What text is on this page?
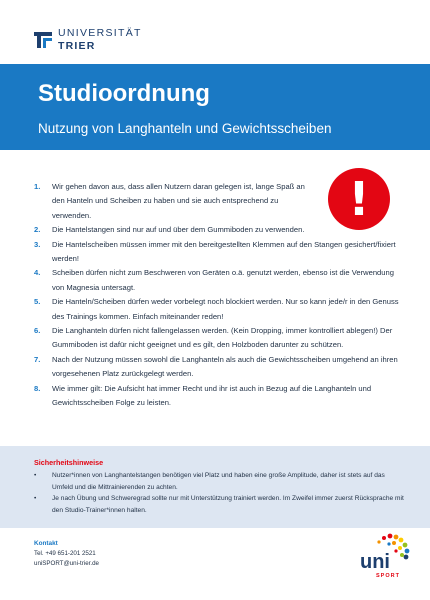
UNIVERSITÄT
TRIER
Studioordnung
Nutzung von Langhanteln und Gewichtsscheiben
!
1.	Wir gehen davon aus, dass allen Nutzern daran gelegen ist, lange Spaß an den Hanteln und Scheiben zu haben und sie auch entsprechend zu verwenden.
2.	Die Hantelstangen sind nur auf und über dem Gummiboden zu verwenden.
3.	Die Hantelscheiben müssen immer mit den bereitgestellten Klemmen auf den Stangen gesichert/fixiert werden!
4.	Scheiben dürfen nicht zum Beschweren von Geräten o.ä. genutzt werden, ebenso ist die Verwendung von Magnesia untersagt.
5.	Die Hanteln/Scheiben dürfen weder vorbelegt noch blockiert werden. Nur so kann jede/r in den Genuss des Trainings kommen. Einfach miteinander reden!
6.	Die Langhanteln dürfen nicht fallengelassen werden. (Kein Dropping, immer kontrolliert ablegen!) Der Gummiboden ist dafür nicht geeignet und es gilt, den Holzboden darunter zu schützen.
7.	Nach der Nutzung müssen sowohl die Langhanteln als auch die Gewichtsscheiben umgehend an ihren vorgesehenen Platz zurückgelegt werden.
8.	Wie immer gilt: Die Aufsicht hat immer Recht und ihr ist auch in Bezug auf die Langhanteln und Gewichtsscheiben Folge zu leisten.
Sicherheitshinweise
•	Nutzer*innen von Langhantelstangen benötigen viel Platz und haben eine große Amplitude, daher ist stets auf das Umfeld und die Mittrainierenden zu achten.
•	Je nach Übung und Schweregrad sollte nur mit Unterstützung trainiert werden. Im Zweifel immer zuerst Rücksprache mit den Studio-Trainer*innen halten.
Kontakt
Tel. +49 651-201 2521
uniSPORT@uni-trier.de	uni
SPORT
